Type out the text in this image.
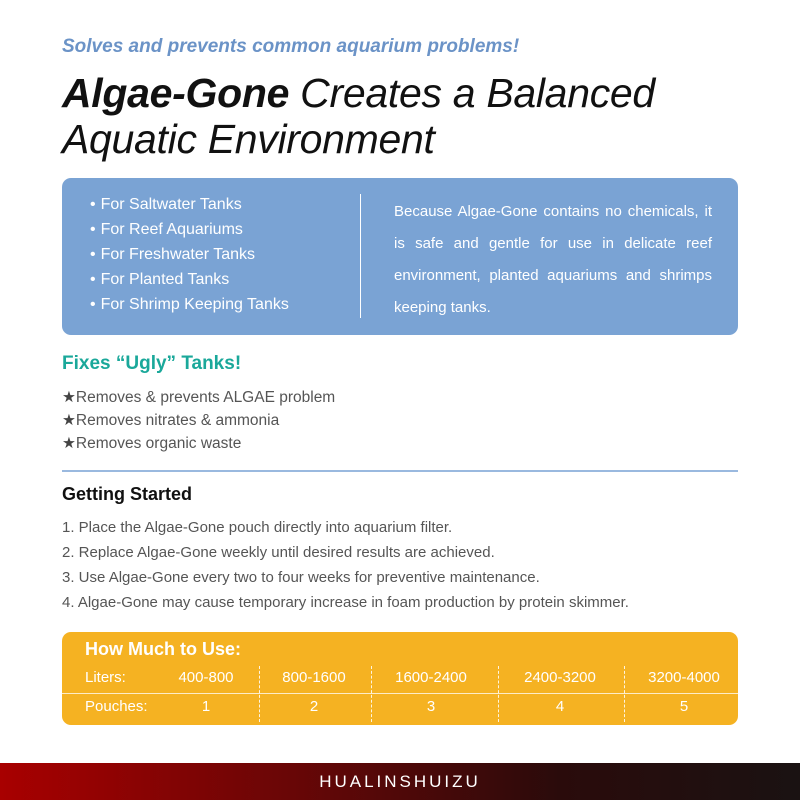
Solves and prevents common aquarium problems!
Algae-Gone Creates a Balanced
Aquatic Environment
• For Saltwater Tanks
• For Reef Aquariums
• For Freshwater Tanks
• For Planted Tanks
• For Shrimp Keeping Tanks
Because Algae-Gone contains no chemicals, it is safe and gentle for use in delicate reef environment, planted aquariums and shrimps keeping tanks.
Fixes “Ugly” Tanks!
★Removes & prevents ALGAE problem
★Removes nitrates & ammonia
★Removes organic waste
Getting Started
1. Place the Algae-Gone pouch directly into aquarium filter.
2. Replace Algae-Gone weekly until desired results are achieved.
3. Use Algae-Gone every two to four weeks for preventive maintenance.
4. Algae-Gone may cause temporary increase in foam production by protein skimmer.
How Much to Use:
Liters:	400-800	800-1600	1600-2400	2400-3200	3200-4000
Pouches:	1	2	3	4	5
HUALINSHUIZU
